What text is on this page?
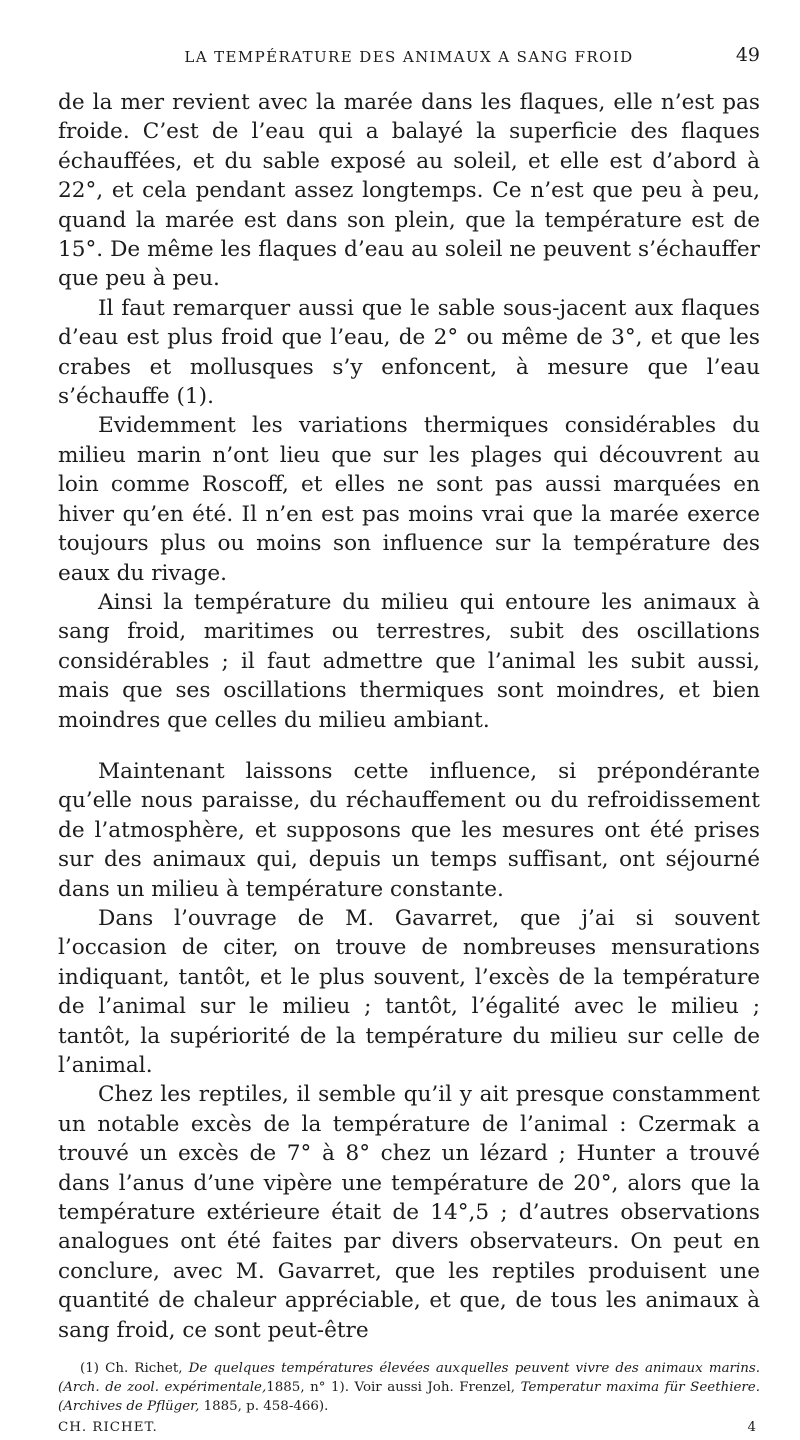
LA TEMPÉRATURE DES ANIMAUX A SANG FROID	49

de la mer revient avec la marée dans les flaques, elle n’est pas froide. C’est de l’eau qui a balayé la superficie des flaques échauffées, et du sable exposé au soleil, et elle est d’abord à 22°, et cela pendant assez longtemps. Ce n’est que peu à peu, quand la marée est dans son plein, que la température est de 15°. De même les flaques d’eau au soleil ne peuvent s’échauffer que peu à peu.

Il faut remarquer aussi que le sable sous-jacent aux flaques d’eau est plus froid que l’eau, de 2° ou même de 3°, et que les crabes et mollusques s’y enfoncent, à mesure que l’eau s’échauffe (1).

Evidemment les variations thermiques considérables du milieu marin n’ont lieu que sur les plages qui découvrent au loin comme Roscoff, et elles ne sont pas aussi marquées en hiver qu’en été. Il n’en est pas moins vrai que la marée exerce toujours plus ou moins son influence sur la température des eaux du rivage.

Ainsi la température du milieu qui entoure les animaux à sang froid, maritimes ou terrestres, subit des oscillations considérables ; il faut admettre que l’animal les subit aussi, mais que ses oscillations thermiques sont moindres, et bien moindres que celles du milieu ambiant.

Maintenant laissons cette influence, si prépondérante qu’elle nous paraisse, du réchauffement ou du refroidissement de l’atmosphère, et supposons que les mesures ont été prises sur des animaux qui, depuis un temps suffisant, ont séjourné dans un milieu à température constante.

Dans l’ouvrage de M. Gavarret, que j’ai si souvent l’occasion de citer, on trouve de nombreuses mensurations indiquant, tantôt, et le plus souvent, l’excès de la température de l’animal sur le milieu ; tantôt, l’égalité avec le milieu ; tantôt, la supériorité de la température du milieu sur celle de l’animal.

Chez les reptiles, il semble qu’il y ait presque constamment un notable excès de la température de l’animal : Czermak a trouvé un excès de 7° à 8° chez un lézard ; Hunter a trouvé dans l’anus d’une vipère une température de 20°, alors que la température extérieure était de 14°,5 ; d’autres observations analogues ont été faites par divers observateurs. On peut en conclure, avec M. Gavarret, que les reptiles produisent une quantité de chaleur appréciable, et que, de tous les animaux à sang froid, ce sont peut-être

(1) Ch. Richet, De quelques températures élevées auxquelles peuvent vivre des animaux marins. (Arch. de zool. expérimentale,1885, n° 1). Voir aussi Joh. Frenzel, Temperatur maxima für Seethiere. (Archives de Pflüger, 1885, p. 458-466).
CH. RICHET.	4
